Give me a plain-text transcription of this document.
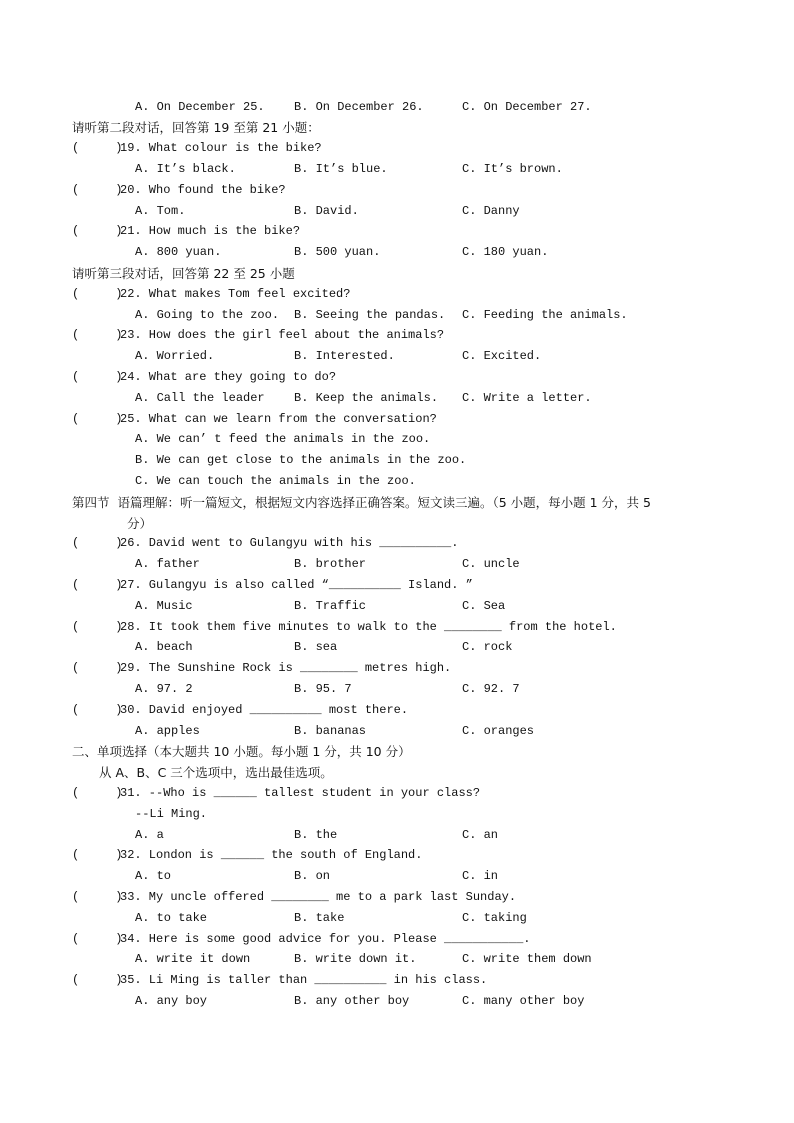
A. On December 25. B. On December 26.	C. On December 27.
请听第二段对话，回答第 19 至第 21 小题：
(     )
19. What colour is the bike?
A. It’s black.	B. It’s blue.	C. It’s brown.
(     )
20. Who found the bike?
A. Tom.	B. David.	C. Danny
(     )
21. How much is the bike?
A. 800 yuan.	B. 500 yuan.	C. 180 yuan.
请听第三段对话，回答第 22 至 25 小题
(     )
22. What makes Tom feel excited?
A. Going to the zoo. B. Seeing the pandas. C. Feeding the animals.
(     )
23. How does the girl feel about the animals?
A. Worried.	B. Interested.	C. Excited.
(     )
24. What are they going to do?
A. Call the leader B. Keep the animals. C. Write a letter.
(     )
25. What can we learn from the conversation?
A. We can’ t feed the animals in the zoo.
B. We can get close to the animals in the zoo.
C. We can touch the animals in the zoo.
第四节  语篇理解：听一篇短文，根据短文内容选择正确答案。短文读三遍。（5 小题，每小题 1 分，共 5
分）
(     )
26. David went to Gulangyu with his __________.
A. father	B. brother	C. uncle
(     )
27. Gulangyu is also called “__________ Island. ”
A. Music	B. Traffic	C. Sea
(     )
28. It took them five minutes to walk to the ________ from the hotel.
A. beach	B. sea	C. rock
(     )
29. The Sunshine Rock is ________ metres high.
A. 97. 2	B. 95. 7	C. 92. 7
(     )
30. David enjoyed __________ most there.
A. apples	B. bananas	C. oranges
二、单项选择（本大题共 10 小题。每小题 1 分，共 10 分）
从 A、B、C 三个选项中，选出最佳选项。
(     )
31. --Who is ______ tallest student in your class?
--Li Ming.
A. a	B. the	C. an
(     )
32. London is ______ the south of England.
A. to	B. on	C. in
(     )
33. My uncle offered ________ me to a park last Sunday.
A. to take	B. take	C. taking
(     )
34. Here is some good advice for you. Please ___________.
A. write it down	B. write down it.	C. write them down
(     )
35. Li Ming is taller than __________ in his class.
A. any boy	B. any other boy	C. many other boy
